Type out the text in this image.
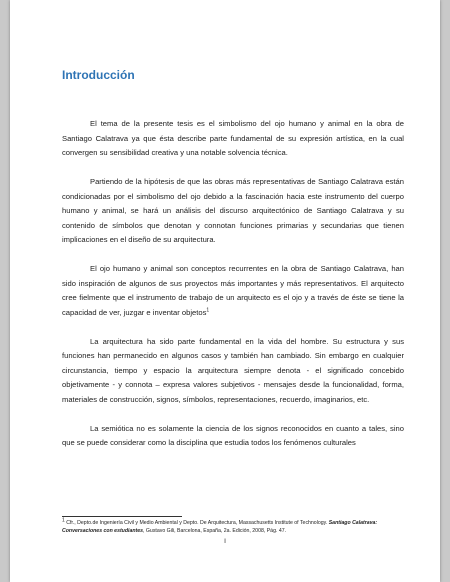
Introducción

El tema de la presente tesis es el simbolismo del ojo humano y animal en la obra de Santiago Calatrava ya que ésta describe parte fundamental de su expresión artística, en la cual convergen su sensibilidad creativa y una notable solvencia técnica.

Partiendo de la hipótesis de que las obras más representativas de Santiago Calatrava están condicionadas por el simbolismo del ojo debido a la fascinación hacia este instrumento del cuerpo humano y animal, se hará un análisis del discurso arquitectónico de Santiago Calatrava y su contenido de símbolos que denotan y connotan funciones primarias y secundarias que tienen implicaciones en el diseño de su arquitectura.

El ojo humano y animal son conceptos recurrentes en la obra de Santiago Calatrava, han sido inspiración de algunos de sus proyectos más importantes y más representativos. El arquitecto cree fielmente que el instrumento de trabajo de un arquitecto es el ojo y a través de éste se tiene la capacidad de ver, juzgar e inventar objetos$^1$

La arquitectura ha sido parte fundamental en la vida del hombre. Su estructura y sus funciones han permanecido en algunos casos y también han cambiado. Sin embargo en cualquier circunstancia, tiempo y espacio la arquitectura siempre denota - el significado concebido objetivamente - y connota – expresa valores subjetivos - mensajes desde la funcionalidad, forma, materiales de construcción, signos, símbolos, representaciones, recuerdo, imaginarios, etc.

La semiótica no es solamente la ciencia de los signos reconocidos en cuanto a tales, sino que se puede considerar como la disciplina que estudia todos los fenómenos culturales

$^1$ Cfr., Depto.de Ingeniería Civil y Medio Ambiental y Depto. De Arquitectura, Massachusetts Institute of Technology. Santiago Calatrava: Conversaciones con estudiantes, Gustavo Gili, Barcelona, España, 2a. Edición, 2008, Pág. 47.
I
